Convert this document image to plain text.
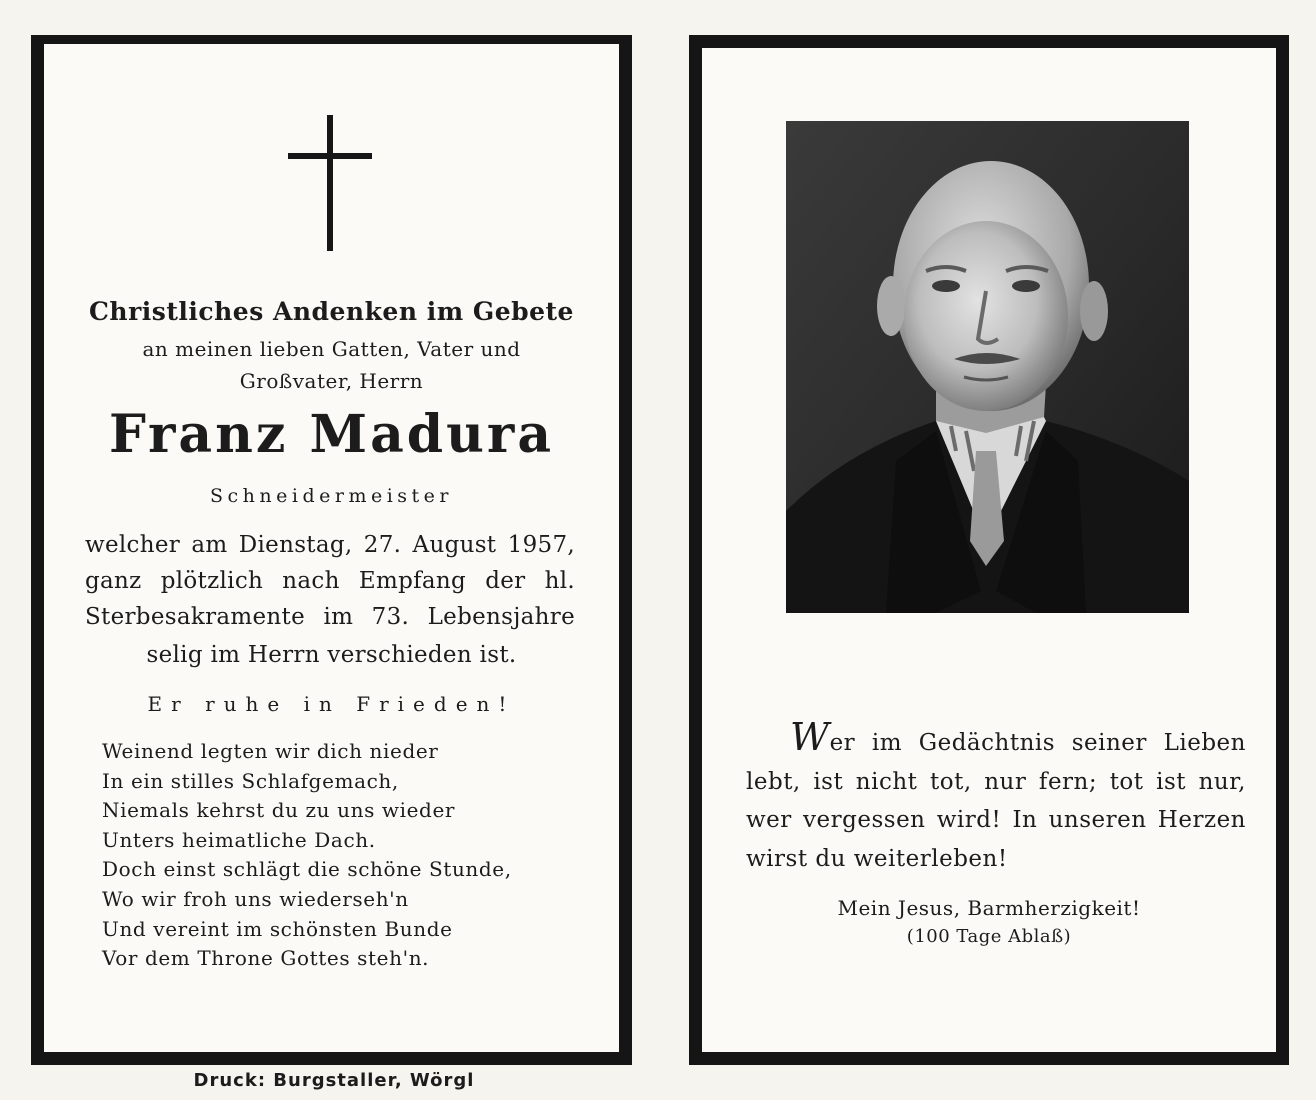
Christliches Andenken im Gebete
an meinen lieben Gatten, Vater und
Großvater, Herrn
Franz Madura
Schneidermeister
welcher am Dienstag, 27. August 1957,
ganz plötzlich nach Empfang der hl.
Sterbesakramente im 73. Lebensjahre
selig im Herrn verschieden ist.
Er ruhe in Frieden!
Weinend legten wir dich nieder
In ein stilles Schlafgemach,
Niemals kehrst du zu uns wieder
Unters heimatliche Dach.
Doch einst schlägt die schöne Stunde,
Wo wir froh uns wiederseh'n
Und vereint im schönsten Bunde
Vor dem Throne Gottes steh'n.
Druck: Burgstaller, Wörgl
Wer im Gedächtnis seiner Lieben
lebt, ist nicht tot, nur fern; tot ist nur,
wer vergessen wird! In unseren Herzen
wirst du weiterleben!
Mein Jesus, Barmherzigkeit!
(100 Tage Ablaß)
